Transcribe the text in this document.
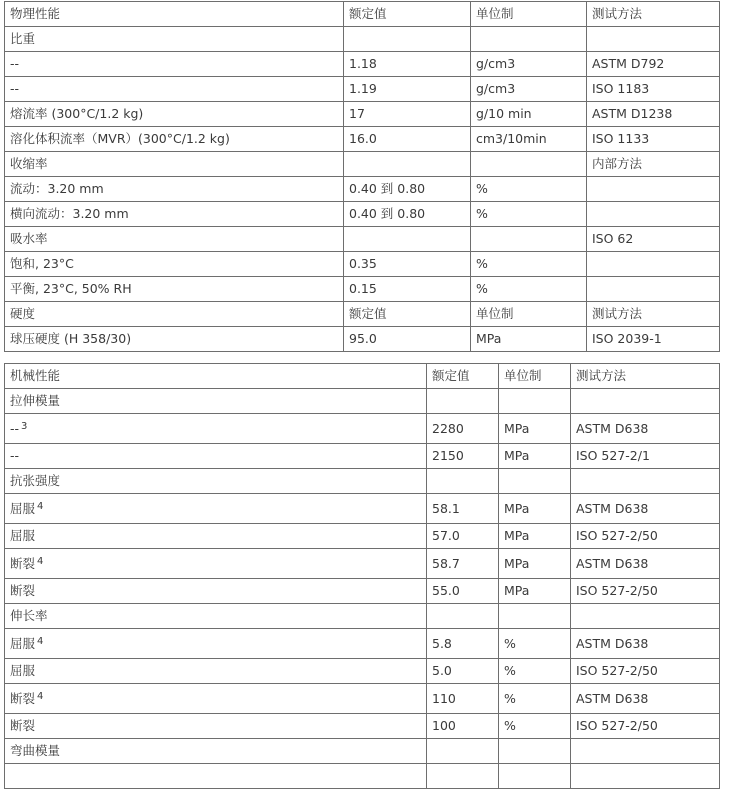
物理性能	额定值	单位制	测试方法
比重			
--	1.18	g/cm3	ASTM D792
--	1.19	g/cm3	ISO 1183
熔流率 (300°C/1.2 kg)	17	g/10 min	ASTM D1238
溶化体积流率（MVR）(300°C/1.2 kg)	16.0	cm3/10min	ISO 1133
收缩率			内部方法
流动：3.20 mm	0.40 到 0.80	%	
横向流动：3.20 mm	0.40 到 0.80	%	
吸水率			ISO 62
饱和, 23°C	0.35	%	
平衡, 23°C, 50% RH	0.15	%	
硬度	额定值	单位制	测试方法
球压硬度 (H 358/30)	95.0	MPa	ISO 2039-1
机械性能	额定值	单位制	测试方法
拉伸模量			
-- $^3$	2280	MPa	ASTM D638
--	2150	MPa	ISO 527-2/1
抗张强度			
屈服 $^4$	58.1	MPa	ASTM D638
屈服	57.0	MPa	ISO 527-2/50
断裂 $^4$	58.7	MPa	ASTM D638
断裂	55.0	MPa	ISO 527-2/50
伸长率			
屈服 $^4$	5.8	%	ASTM D638
屈服	5.0	%	ISO 527-2/50
断裂 $^4$	110	%	ASTM D638
断裂	100	%	ISO 527-2/50
弯曲模量			
